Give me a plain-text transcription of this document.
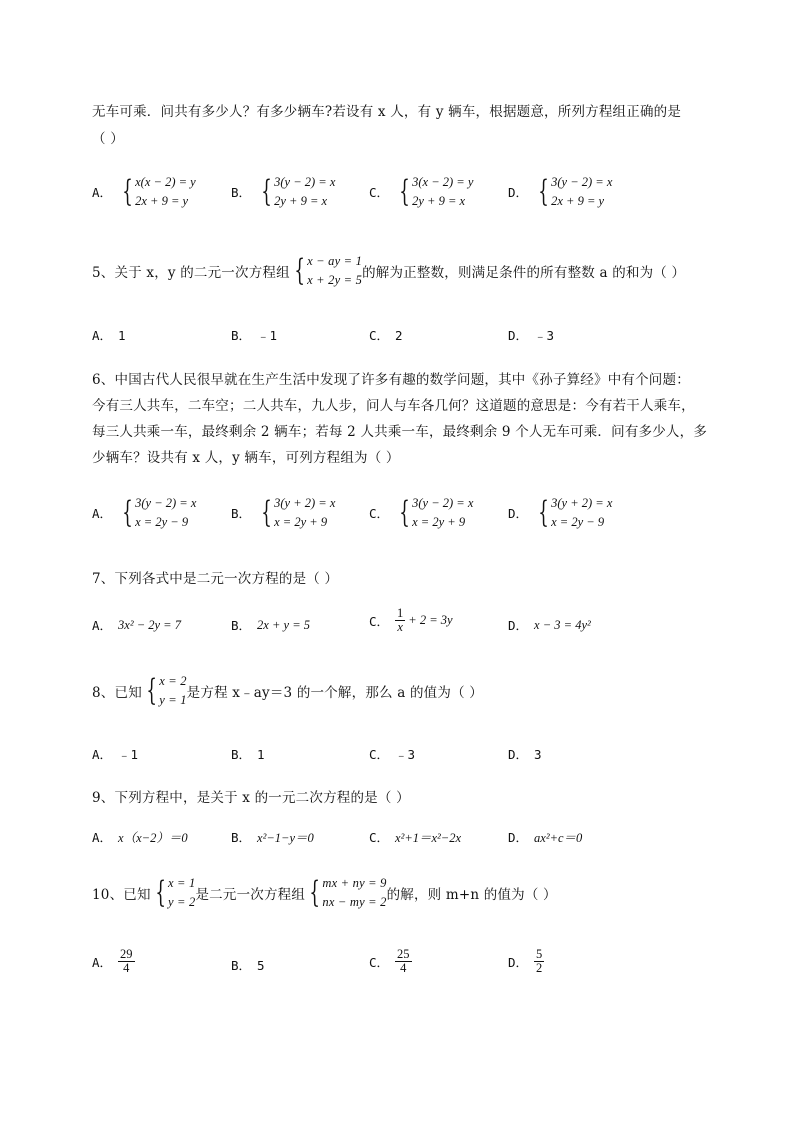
无车可乘．问共有多少人？有多少辆车?若设有 x 人，有 y 辆车，根据题意，所列方程组正确的是
（ ）
A． { x(x − 2) = y
2x + 9 = y
B． { 3(y − 2) = x
2y + 9 = x
C． { 3(x − 2) = y
2y + 9 = x
D． { 3(y − 2) = x
2x + 9 = y
5、关于 x，y 的二元一次方程组 { x − ay = 1
x + 2y = 5 的解为正整数，则满足条件的所有整数 a 的和为（ ）
A． 1	B． ﹣1	C． 2	D． ﹣3
6、中国古代人民很早就在生产生活中发现了许多有趣的数学问题，其中《孙子算经》中有个问题：
今有三人共车，二车空；二人共车，九人步，问人与车各几何？这道题的意思是：今有若干人乘车，
每三人共乘一车，最终剩余 2 辆车；若每 2 人共乘一车，最终剩余 9 个人无车可乘．问有多少人，多
少辆车？设共有 x 人，y 辆车，可列方程组为（ ）
A． { 3(y − 2) = x
x = 2y − 9
B． { 3(y + 2) = x
x = 2y + 9
C． { 3(y − 2) = x
x = 2y + 9
D． { 3(y + 2) = x
x = 2y − 9
7、下列各式中是二元一次方程的是（ ）
A． 3x² − 2y = 7	B． 2x + y = 5	C． $\frac{1}{x} + 2 = 3y$	D． x − 3 = 4y²
8、已知 { x = 2
y = 1 是方程 x﹣ay＝3 的一个解，那么 a 的值为（ ）
A． ﹣1	B． 1	C． ﹣3	D． 3
9、下列方程中，是关于 x 的一元二次方程的是（ ）
A． x（x−2）＝0	B． x²−1−y＝0	C． x²+1＝x²−2x	D． ax²+c＝0
10、已知 { x = 1
y = 2 是二元一次方程组 { mx + ny = 9
nx − my = 2 的解，则 m+n 的值为（ ）
A． $\frac{29}{4}$	B． 5	C． $\frac{25}{4}$	D． $\frac{5}{2}$
